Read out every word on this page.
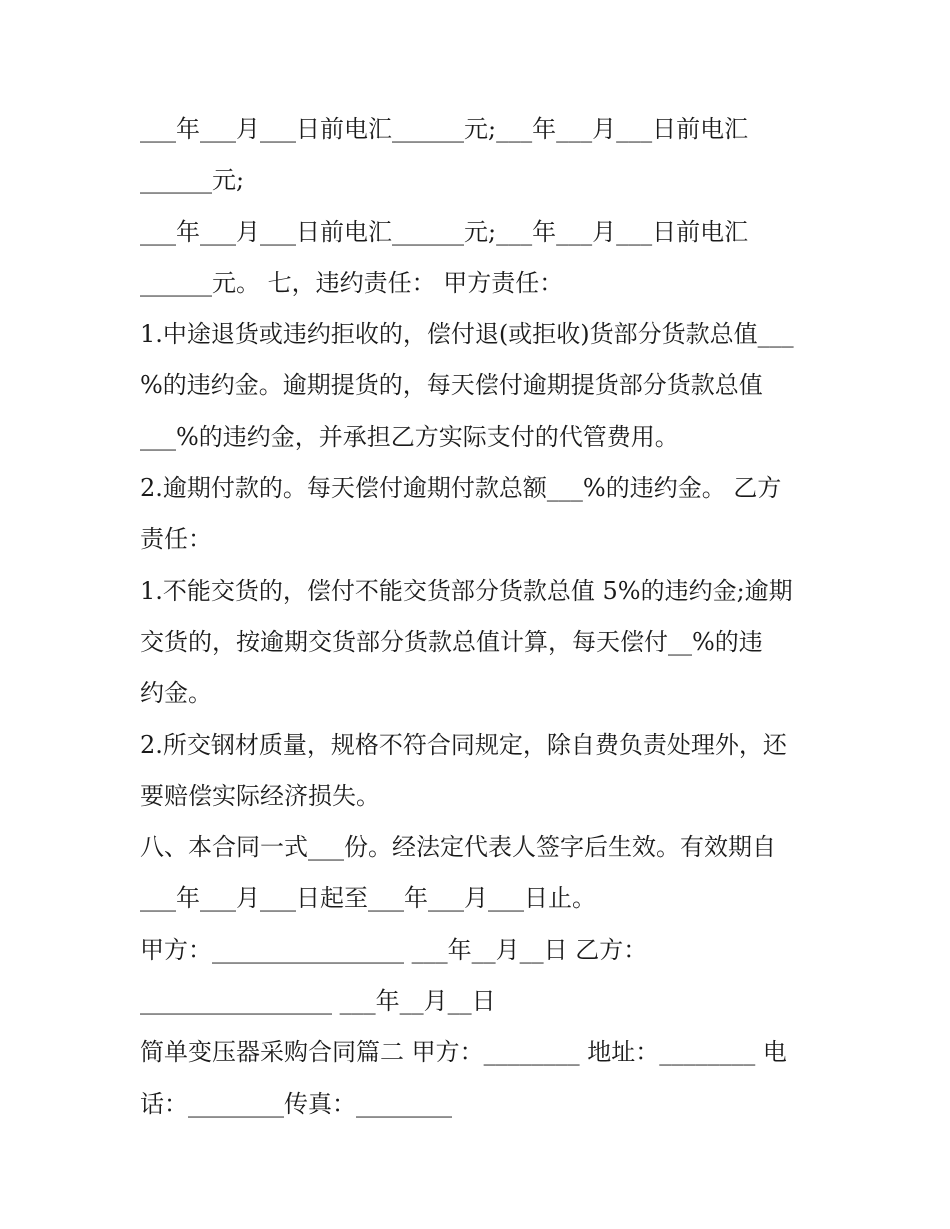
___年___月___日前电汇______元;___年___月___日前电汇
______元;
___年___月___日前电汇______元;___年___月___日前电汇
______元。 七，违约责任： 甲方责任：
1.中途退货或违约拒收的，偿付退(或拒收)货部分货款总值___
%的违约金。逾期提货的，每天偿付逾期提货部分货款总值
___%的违约金，并承担乙方实际支付的代管费用。
2.逾期付款的。每天偿付逾期付款总额___%的违约金。 乙方
责任：
1.不能交货的，偿付不能交货部分货款总值 5%的违约金;逾期
交货的，按逾期交货部分货款总值计算，每天偿付__%的违
约金。
2.所交钢材质量，规格不符合同规定，除自费负责处理外，还
要赔偿实际经济损失。
八、本合同一式___份。经法定代表人签字后生效。有效期自
___年___月___日起至___年___月___日止。
甲方：________________ ___年__月__日 乙方：
________________ ___年__月__日
简单变压器采购合同篇二 甲方：________ 地址：________ 电
话：________传真：________
